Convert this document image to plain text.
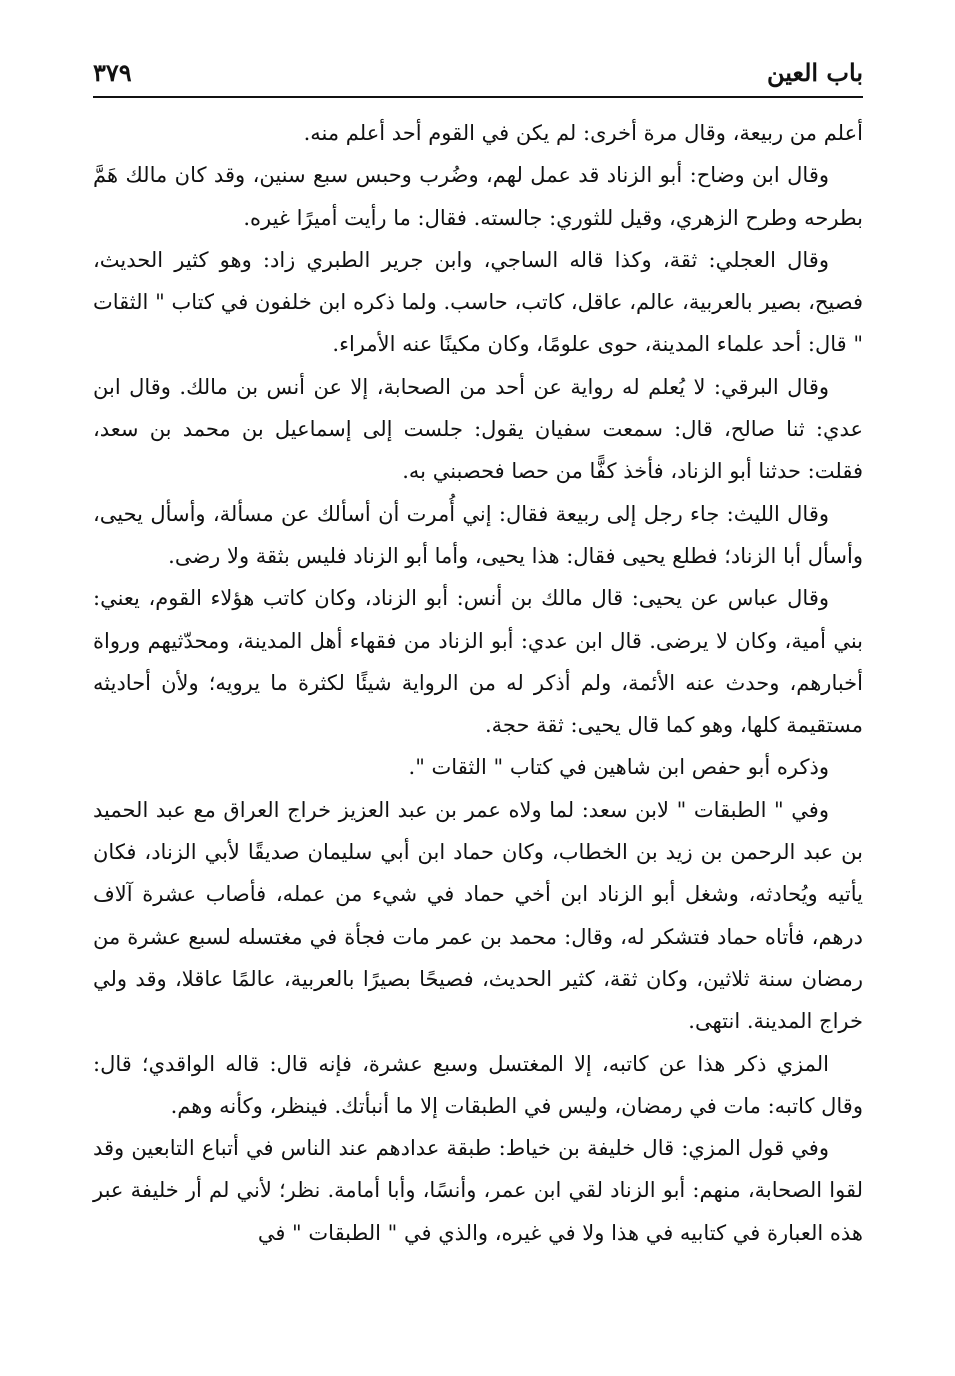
باب العين
٣٧٩

أعلم من ربيعة، وقال مرة أخرى: لم يكن في القوم أحد أعلم منه.

وقال ابن وضاح: أبو الزناد قد عمل لهم، وضُرب وحبس سبع سنين، وقد كان مالك هَمَّ بطرحه وطرح الزهري، وقيل للثوري: جالسته. فقال: ما رأيت أميرًا غيره.

وقال العجلي: ثقة، وكذا قاله الساجي، وابن جرير الطبري زاد: وهو كثير الحديث، فصيح، بصير بالعربية، عالم، عاقل، كاتب، حاسب. ولما ذكره ابن خلفون في كتاب " الثقات " قال: أحد علماء المدينة، حوى علومًا، وكان مكينًا عنه الأمراء.

وقال البرقي: لا يُعلم له رواية عن أحد من الصحابة، إلا عن أنس بن مالك. وقال ابن عدي: ثنا صالح، قال: سمعت سفيان يقول: جلست إلى إسماعيل بن محمد بن سعد، فقلت: حدثنا أبو الزناد، فأخذ كفًّا من حصا فحصبني به.

وقال الليث: جاء رجل إلى ربيعة فقال: إني أُمرت أن أسألك عن مسألة، وأسأل يحيى، وأسأل أبا الزناد؛ فطلع يحيى فقال: هذا يحيى، وأما أبو الزناد فليس بثقة ولا رضى.

وقال عباس عن يحيى: قال مالك بن أنس: أبو الزناد، وكان كاتب هؤلاء القوم، يعني: بني أمية، وكان لا يرضى. قال ابن عدي: أبو الزناد من فقهاء أهل المدينة، ومحدّثيهم ورواة أخبارهم، وحدث عنه الأئمة، ولم أذكر له من الرواية شيئًا لكثرة ما يرويه؛ ولأن أحاديثه مستقيمة كلها، وهو كما قال يحيى: ثقة حجة.

وذكره أبو حفص ابن شاهين في كتاب " الثقات ".

وفي " الطبقات " لابن سعد: لما ولاه عمر بن عبد العزيز خراج العراق مع عبد الحميد بن عبد الرحمن بن زيد بن الخطاب، وكان حماد ابن أبي سليمان صديقًا لأبي الزناد، فكان يأتيه ويُحادثه، وشغل أبو الزناد ابن أخي حماد في شيء من عمله، فأصاب عشرة آلاف درهم، فأتاه حماد فتشكر له، وقال: محمد بن عمر مات فجأة في مغتسله لسبع عشرة من رمضان سنة ثلاثين، وكان ثقة، كثير الحديث، فصيحًا بصيرًا بالعربية، عالمًا عاقلا، وقد ولي خراج المدينة. انتهى.

المزي ذكر هذا عن كاتبه، إلا المغتسل وسبع عشرة، فإنه قال: قاله الواقدي؛ قال: وقال كاتبه: مات في رمضان، وليس في الطبقات إلا ما أنبأتك. فينظر، وكأنه وهم.

وفي قول المزي: قال خليفة بن خياط: طبقة عدادهم عند الناس في أتباع التابعين وقد لقوا الصحابة، منهم: أبو الزناد لقي ابن عمر، وأنسًا، وأبا أمامة. نظر؛ لأني لم أر خليفة عبر هذه العبارة في كتابيه في هذا ولا في غيره، والذي في " الطبقات " في
